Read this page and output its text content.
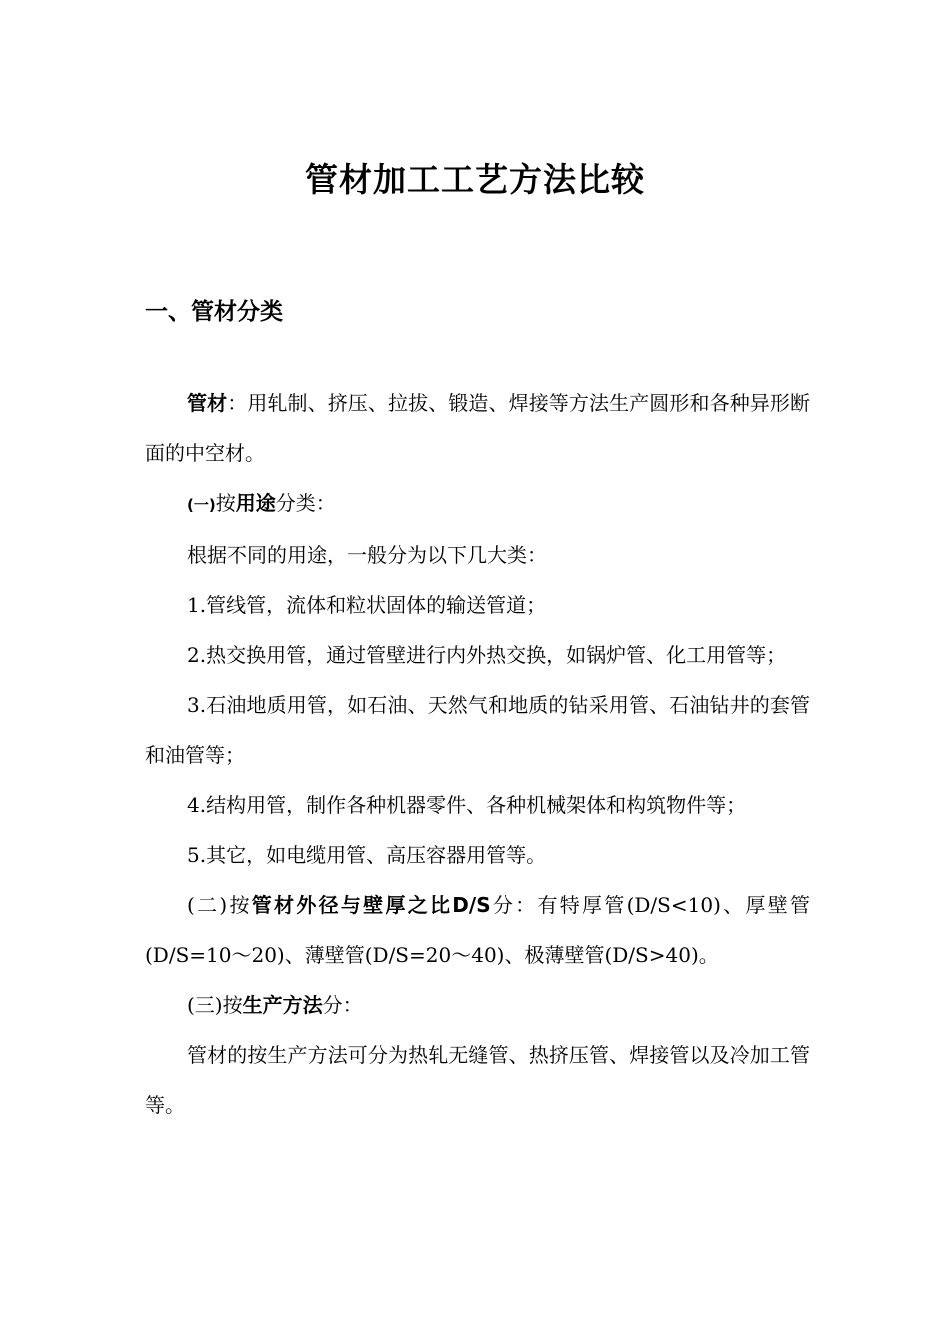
管材加工工艺方法比较
一、管材分类

管材：用轧制、挤压、拉拔、锻造、焊接等方法生产圆形和各种异形断面的中空材。

(一)按用途分类：

根据不同的用途，一般分为以下几大类：

1.管线管，流体和粒状固体的输送管道；

2.热交换用管，通过管壁进行内外热交换，如锅炉管、化工用管等；

3.石油地质用管，如石油、天然气和地质的钻采用管、石油钻井的套管和油管等；

4.结构用管，制作各种机器零件、各种机械架体和构筑物件等；

5.其它，如电缆用管、高压容器用管等。

(二)按管材外径与壁厚之比D/S分：有特厚管(D/S<10)、厚壁管(D/S=10～20)、薄壁管(D/S=20～40)、极薄壁管(D/S>40)。

(三)按生产方法分：

管材的按生产方法可分为热轧无缝管、热挤压管、焊接管以及冷加工管等。
